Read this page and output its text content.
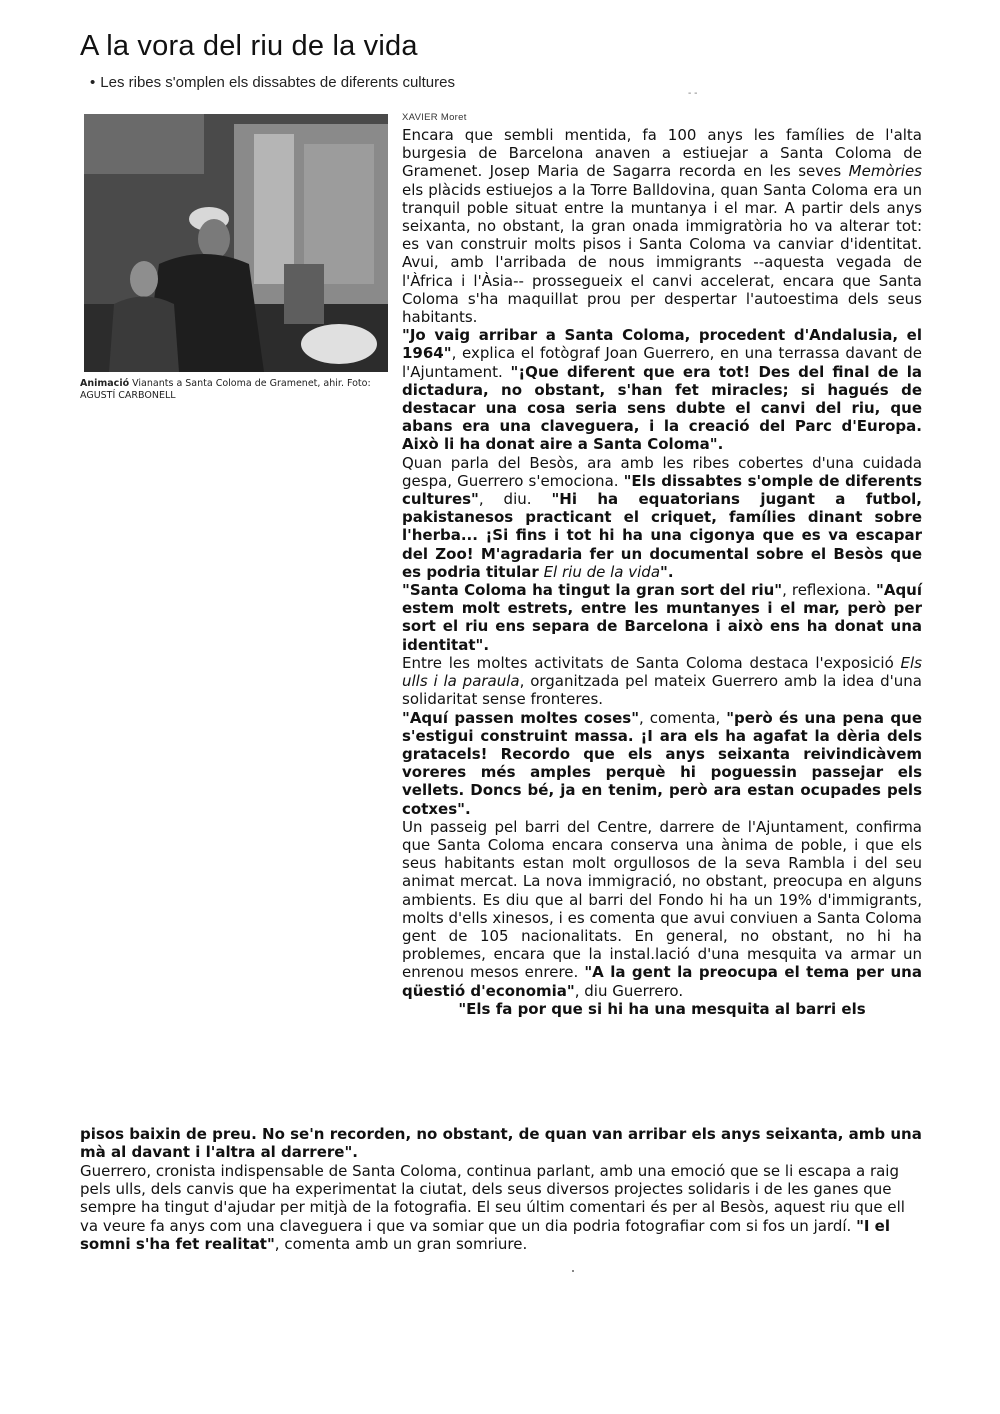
A la vora del riu de la vida
• Les ribes s'omplen els dissabtes de diferents cultures
- -
Animació Vianants a Santa Coloma de Gramenet, ahir. Foto: AGUSTÍ CARBONELL
XAVIER Moret

Encara que sembli mentida, fa 100 anys les famílies de l'alta burgesia de Barcelona anaven a estiuejar a Santa Coloma de Gramenet. Josep Maria de Sagarra recorda en les seves Memòries els plàcids estiuejos a la Torre Balldovina, quan Santa Coloma era un tranquil poble situat entre la muntanya i el mar. A partir dels anys seixanta, no obstant, la gran onada immigratòria ho va alterar tot: es van construir molts pisos i Santa Coloma va canviar d'identitat. Avui, amb l'arribada de nous immigrants --aquesta vegada de l'Àfrica i l'Àsia-- prossegueix el canvi accelerat, encara que Santa Coloma s'ha maquillat prou per despertar l'autoestima dels seus habitants.

"Jo vaig arribar a Santa Coloma, procedent d'Andalusia, el 1964", explica el fotògraf Joan Guerrero, en una terrassa davant de l'Ajuntament. "¡Que diferent que era tot! Des del final de la dictadura, no obstant, s'han fet miracles; si hagués de destacar una cosa seria sens dubte el canvi del riu, que abans era una claveguera, i la creació del Parc d'Europa. Això li ha donat aire a Santa Coloma".

Quan parla del Besòs, ara amb les ribes cobertes d'una cuidada gespa, Guerrero s'emociona. "Els dissabtes s'omple de diferents cultures", diu. "Hi ha equatorians jugant a futbol, pakistanesos practicant el criquet, famílies dinant sobre l'herba... ¡Si fins i tot hi ha una cigonya que es va escapar del Zoo! M'agradaria fer un documental sobre el Besòs que es podria titular El riu de la vida".

"Santa Coloma ha tingut la gran sort del riu", reflexiona. "Aquí estem molt estrets, entre les muntanyes i el mar, però per sort el riu ens separa de Barcelona i això ens ha donat una identitat".

Entre les moltes activitats de Santa Coloma destaca l'exposició Els ulls i la paraula, organitzada pel mateix Guerrero amb la idea d'una solidaritat sense fronteres.

"Aquí passen moltes coses", comenta, "però és una pena que s'estigui construint massa. ¡I ara els ha agafat la dèria dels gratacels! Recordo que els anys seixanta reivindicàvem voreres més amples perquè hi poguessin passejar els vellets. Doncs bé, ja en tenim, però ara estan ocupades pels cotxes".

Un passeig pel barri del Centre, darrere de l'Ajuntament, confirma que Santa Coloma encara conserva una ànima de poble, i que els seus habitants estan molt orgullosos de la seva Rambla i del seu animat mercat. La nova immigració, no obstant, preocupa en alguns ambients. Es diu que al barri del Fondo hi ha un 19% d'immigrants, molts d'ells xinesos, i es comenta que avui conviuen a Santa Coloma gent de 105 nacionalitats. En general, no obstant, no hi ha problemes, encara que la instal.lació d'una mesquita va armar un enrenou mesos enrere. "A la gent la preocupa el tema per una qüestió d'economia", diu Guerrero.

"Els fa por que si hi ha una mesquita al barri els

pisos baixin de preu. No se'n recorden, no obstant, de quan van arribar els anys seixanta, amb una mà al davant i l'altra al darrere".

Guerrero, cronista indispensable de Santa Coloma, continua parlant, amb una emoció que se li escapa a raig pels ulls, dels canvis que ha experimentat la ciutat, dels seus diversos projectes solidaris i de les ganes que sempre ha tingut d'ajudar per mitjà de la fotografia. El seu últim comentari és per al Besòs, aquest riu que ell va veure fa anys com una claveguera i que va somiar que un dia podria fotografiar com si fos un jardí. "I el somni s'ha fet realitat", comenta amb un gran somriure.
